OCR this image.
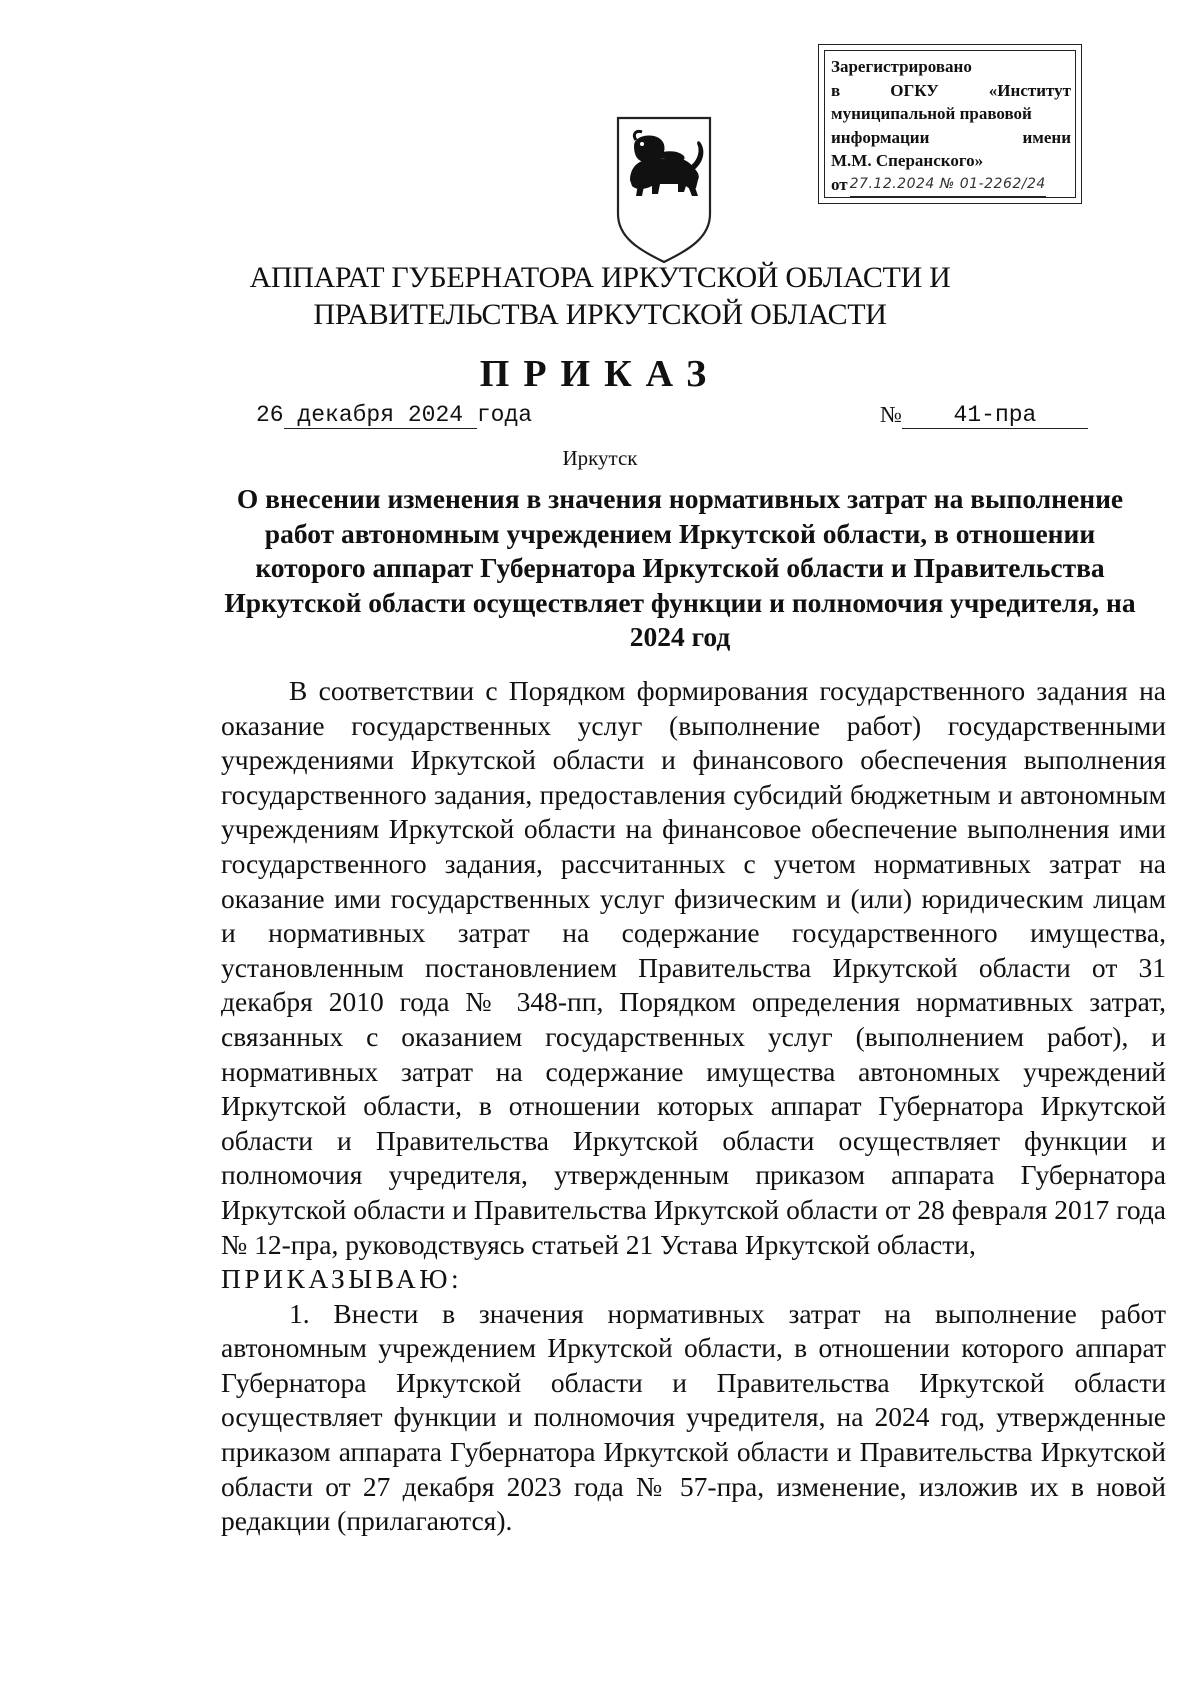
Зарегистрировано
в	ОГКУ	«Институт
муниципальной правовой
информации	имени
М.М. Сперанского»
от 27.12.2024 № 01-2262/24
АППАРАТ ГУБЕРНАТОРА ИРКУТСКОЙ ОБЛАСТИ И
ПРАВИТЕЛЬСТВА ИРКУТСКОЙ ОБЛАСТИ
ПРИКАЗ
26 декабря 2024 года	№	41-пра
Иркутск
О внесении изменения в значения нормативных затрат на выполнение работ автономным учреждением Иркутской области, в отношении которого аппарат Губернатора Иркутской области и Правительства Иркутской области осуществляет функции и полномочия учредителя, на 2024 год

В соответствии с Порядком формирования государственного задания на оказание государственных услуг (выполнение работ) государственными учреждениями Иркутской области и финансового обеспечения выполнения государственного задания, предоставления субсидий бюджетным и автономным учреждениям Иркутской области на финансовое обеспечение выполнения ими государственного задания, рассчитанных с учетом нормативных затрат на оказание ими государственных услуг физическим и (или) юридическим лицам и нормативных затрат на содержание государственного имущества, установленным постановлением Правительства Иркутской области от 31 декабря 2010 года № 348-пп, Порядком определения нормативных затрат, связанных с оказанием государственных услуг (выполнением работ), и нормативных затрат на содержание имущества автономных учреждений Иркутской области, в отношении которых аппарат Губернатора Иркутской области и Правительства Иркутской области осуществляет функции и полномочия учредителя, утвержденным приказом аппарата Губернатора Иркутской области и Правительства Иркутской области от 28 февраля 2017 года № 12-пра, руководствуясь статьей 21 Устава Иркутской области,

ПРИКАЗЫВАЮ:

1. Внести в значения нормативных затрат на выполнение работ автономным учреждением Иркутской области, в отношении которого аппарат Губернатора Иркутской области и Правительства Иркутской области осуществляет функции и полномочия учредителя, на 2024 год, утвержденные приказом аппарата Губернатора Иркутской области и Правительства Иркутской области от 27 декабря 2023 года № 57-пра, изменение, изложив их в новой редакции (прилагаются).
